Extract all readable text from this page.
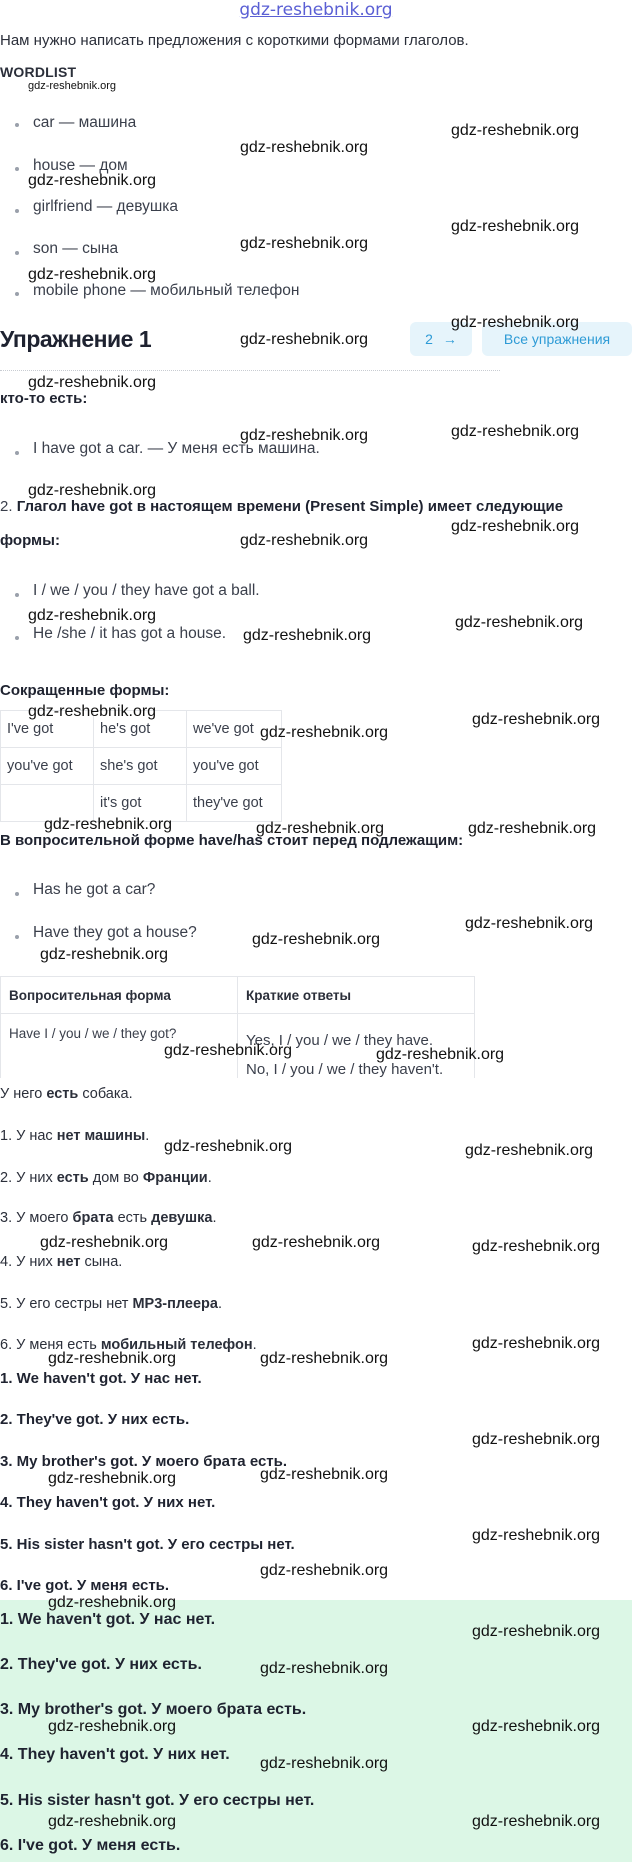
gdz-reshebnik.org
Нам нужно написать предложения с короткими формами глаголов.
WORDLIST
gdz-reshebnik.org
car — машина
house — дом
girlfriend — девушка
son — сына
mobile phone — мобильный телефон
Упражнение 1	2 →	Все упражнения
кто-то есть:
I have got a car. — У меня есть машина.
2. Глагол have got в настоящем времени (Present Simple) имеет следующие
формы:
I / we / you / they have got a ball.
He /she / it has got a house.
Сокращенные формы:
I've got	he's got	we've got
you've got	she's got	you've got
	it's got	they've got
В вопросительной форме have/has стоит перед подлежащим:
Has he got a car?
Have they got a house?
Вопросительная форма	Краткие ответы
Have I / you / we / they got?	Yes, I / you / we / they have.
No, I / you / we / they haven't.
У него есть собака.
1. У нас нет машины.
2. У них есть дом во Франции.
3. У моего брата есть девушка.
4. У них нет сына.
5. У его сестры нет MP3-плеера.
6. У меня есть мобильный телефон.
1. We haven't got. У нас нет.
2. They've got. У них есть.
3. My brother's got. У моего брата есть.
4. They haven't got. У них нет.
5. His sister hasn't got. У его сестры нет.
6. I've got. У меня есть.
1. We haven't got. У нас нет.
2. They've got. У них есть.
3. My brother's got. У моего брата есть.
4. They haven't got. У них нет.
5. His sister hasn't got. У его сестры нет.
6. I've got. У меня есть.
gdz-reshebnik.org
gdz-reshebnik.org
gdz-reshebnik.org
gdz-reshebnik.org
gdz-reshebnik.org
gdz-reshebnik.org
gdz-reshebnik.org
gdz-reshebnik.org
gdz-reshebnik.org
gdz-reshebnik.org
gdz-reshebnik.org
gdz-reshebnik.org
gdz-reshebnik.org
gdz-reshebnik.org
gdz-reshebnik.org	gdz-reshebnik.org
gdz-reshebnik.org
gdz-reshebnik.org	gdz-reshebnik.org
gdz-reshebnik.org
gdz-reshebnik.org	gdz-reshebnik.org
gdz-reshebnik.org
gdz-reshebnik.org
gdz-reshebnik.org
gdz-reshebnik.org
gdz-reshebnik.org	gdz-reshebnik.org
gdz-reshebnik.org	gdz-reshebnik.org
gdz-reshebnik.org	gdz-reshebnik.org	gdz-reshebnik.org
gdz-reshebnik.org
gdz-reshebnik.org	gdz-reshebnik.org
gdz-reshebnik.org
gdz-reshebnik.org	gdz-reshebnik.org
gdz-reshebnik.org
gdz-reshebnik.org
gdz-reshebnik.org
gdz-reshebnik.org
gdz-reshebnik.org
gdz-reshebnik.org	gdz-reshebnik.org
gdz-reshebnik.org
gdz-reshebnik.org	gdz-reshebnik.org
